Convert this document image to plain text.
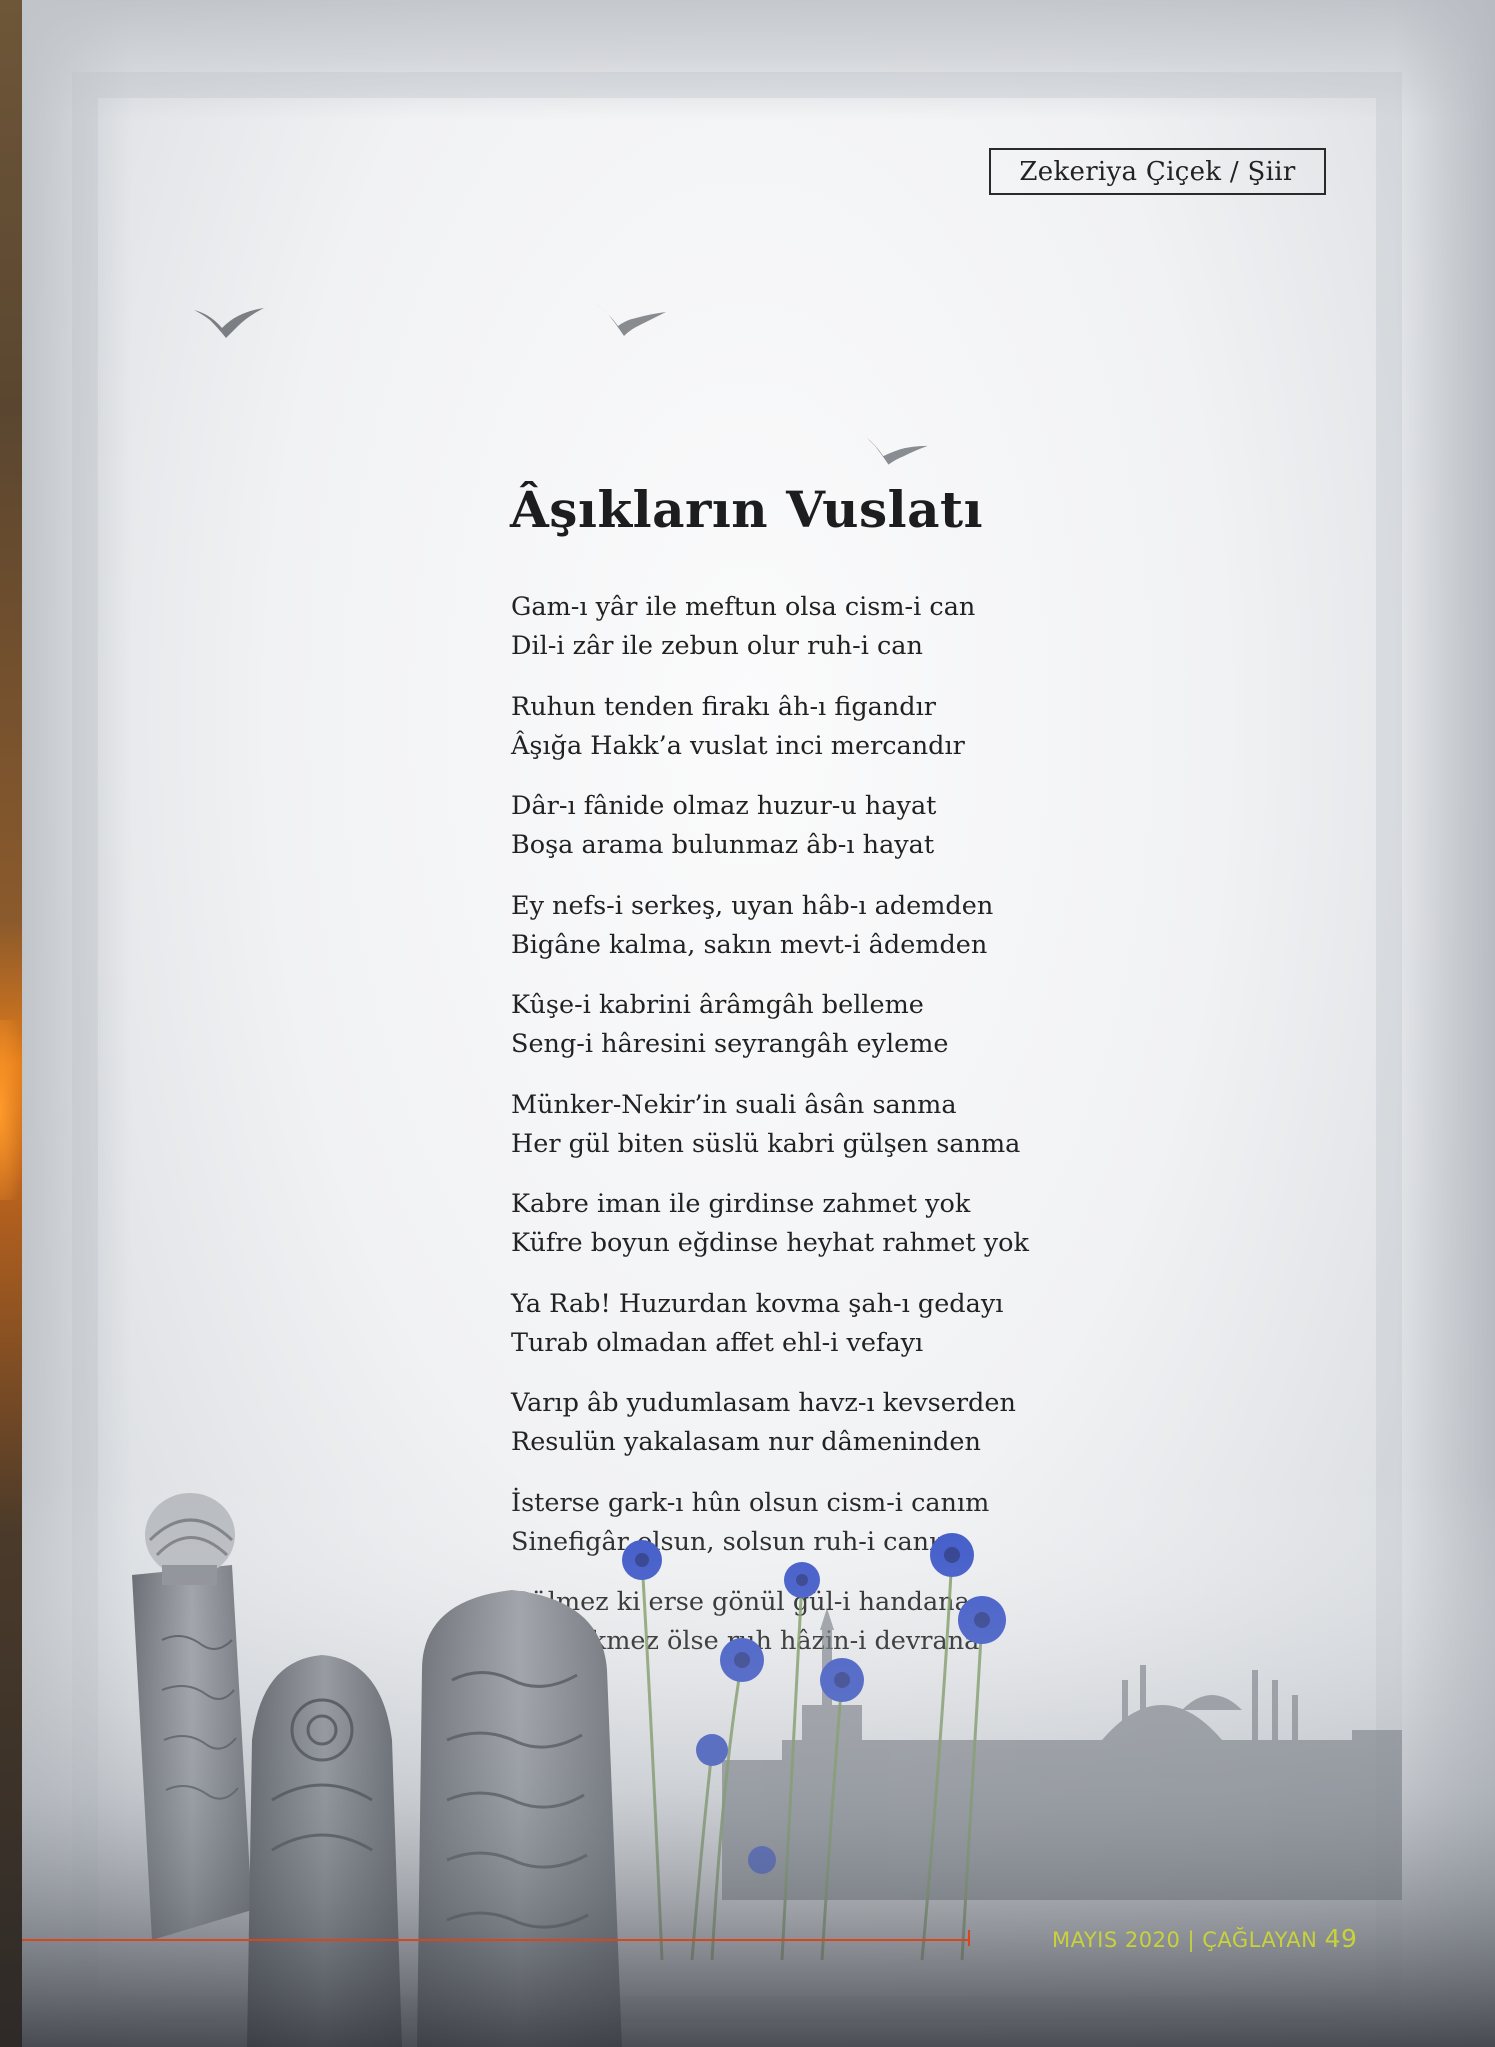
Zekeriya Çiçek / Şiir
Âşıkların Vuslatı
Gam-ı yâr ile meftun olsa cism-i can
Dil-i zâr ile zebun olur ruh-i can
Ruhun tenden firakı âh-ı figandır
Âşığa Hakk’a vuslat inci mercandır
Dâr-ı fânide olmaz huzur-u hayat
Boşa arama bulunmaz âb-ı hayat
Ey nefs-i serkeş, uyan hâb-ı ademden
Bigâne kalma, sakın mevt-i âdemden
Kûşe-i kabrini ârâmgâh belleme
Seng-i hâresini seyrangâh eyleme
Münker-Nekir’in suali âsân sanma
Her gül biten süslü kabri gülşen sanma
Kabre iman ile girdinse zahmet yok
Küfre boyun eğdinse heyhat rahmet yok
Ya Rab! Huzurdan kovma şah-ı gedayı
Turab olmadan affet ehl-i vefayı
Varıp âb yudumlasam havz-ı kevserden
Resulün yakalasam nur dâmeninden
MAYIS 2020 | ÇAĞLAYAN 49
